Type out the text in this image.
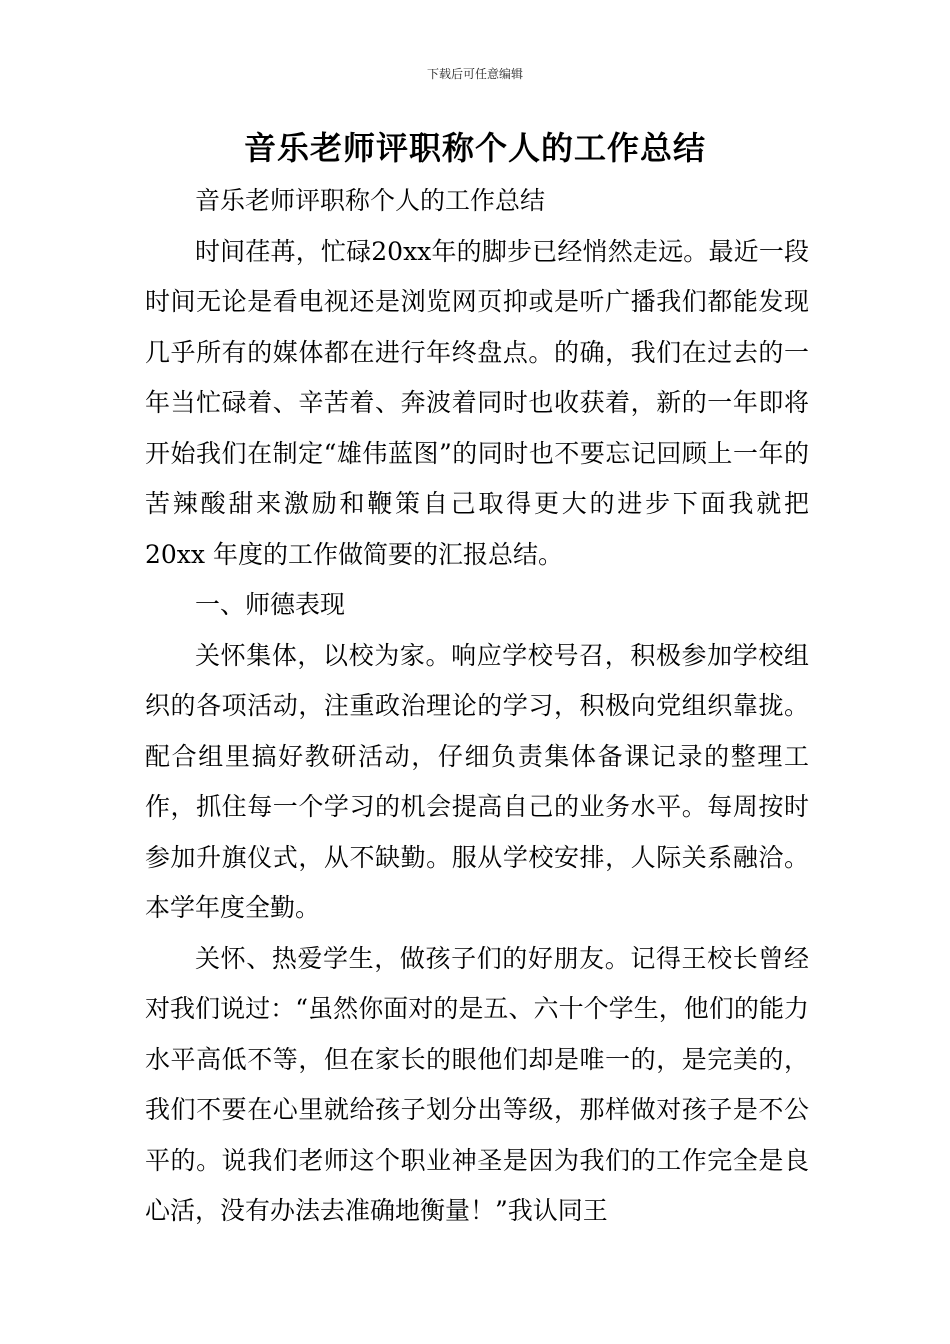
下载后可任意编辑
音乐老师评职称个人的工作总结

音乐老师评职称个人的工作总结

时间荏苒，忙碌20xx年的脚步已经悄然走远。最近一段时间无论是看电视还是浏览网页抑或是听广播我们都能发现几乎所有的媒体都在进行年终盘点。的确，我们在过去的一年当忙碌着、辛苦着、奔波着同时也收获着，新的一年即将开始我们在制定“雄伟蓝图”的同时也不要忘记回顾上一年的苦辣酸甜来激励和鞭策自己取得更大的进步下面我就把 20xx 年度的工作做简要的汇报总结。

一、师德表现

关怀集体，以校为家。响应学校号召，积极参加学校组织的各项活动，注重政治理论的学习，积极向党组织靠拢。配合组里搞好教研活动，仔细负责集体备课记录的整理工作，抓住每一个学习的机会提高自己的业务水平。每周按时参加升旗仪式，从不缺勤。服从学校安排，人际关系融洽。本学年度全勤。

关怀、热爱学生，做孩子们的好朋友。记得王校长曾经对我们说过：“虽然你面对的是五、六十个学生，他们的能力水平高低不等，但在家长的眼他们却是唯一的，是完美的，我们不要在心里就给孩子划分出等级，那样做对孩子是不公平的。说我们老师这个职业神圣是因为我们的工作完全是良心活，没有办法去准确地衡量！”我认同王
